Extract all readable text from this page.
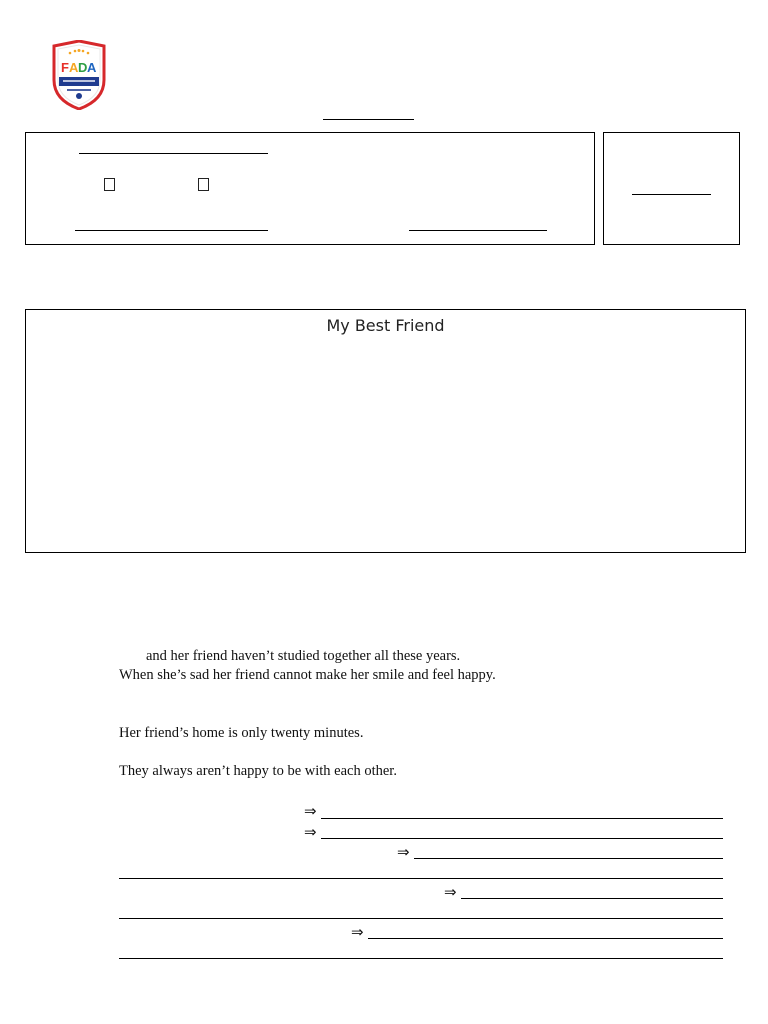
F A D A
My Best Friend
and her friend haven’t studied together all these years.
When she’s sad her friend cannot make her smile and feel happy.
Her friend’s home is only twenty minutes.
They always aren’t happy to be with each other.
⇒
⇒
⇒
⇒
⇒
